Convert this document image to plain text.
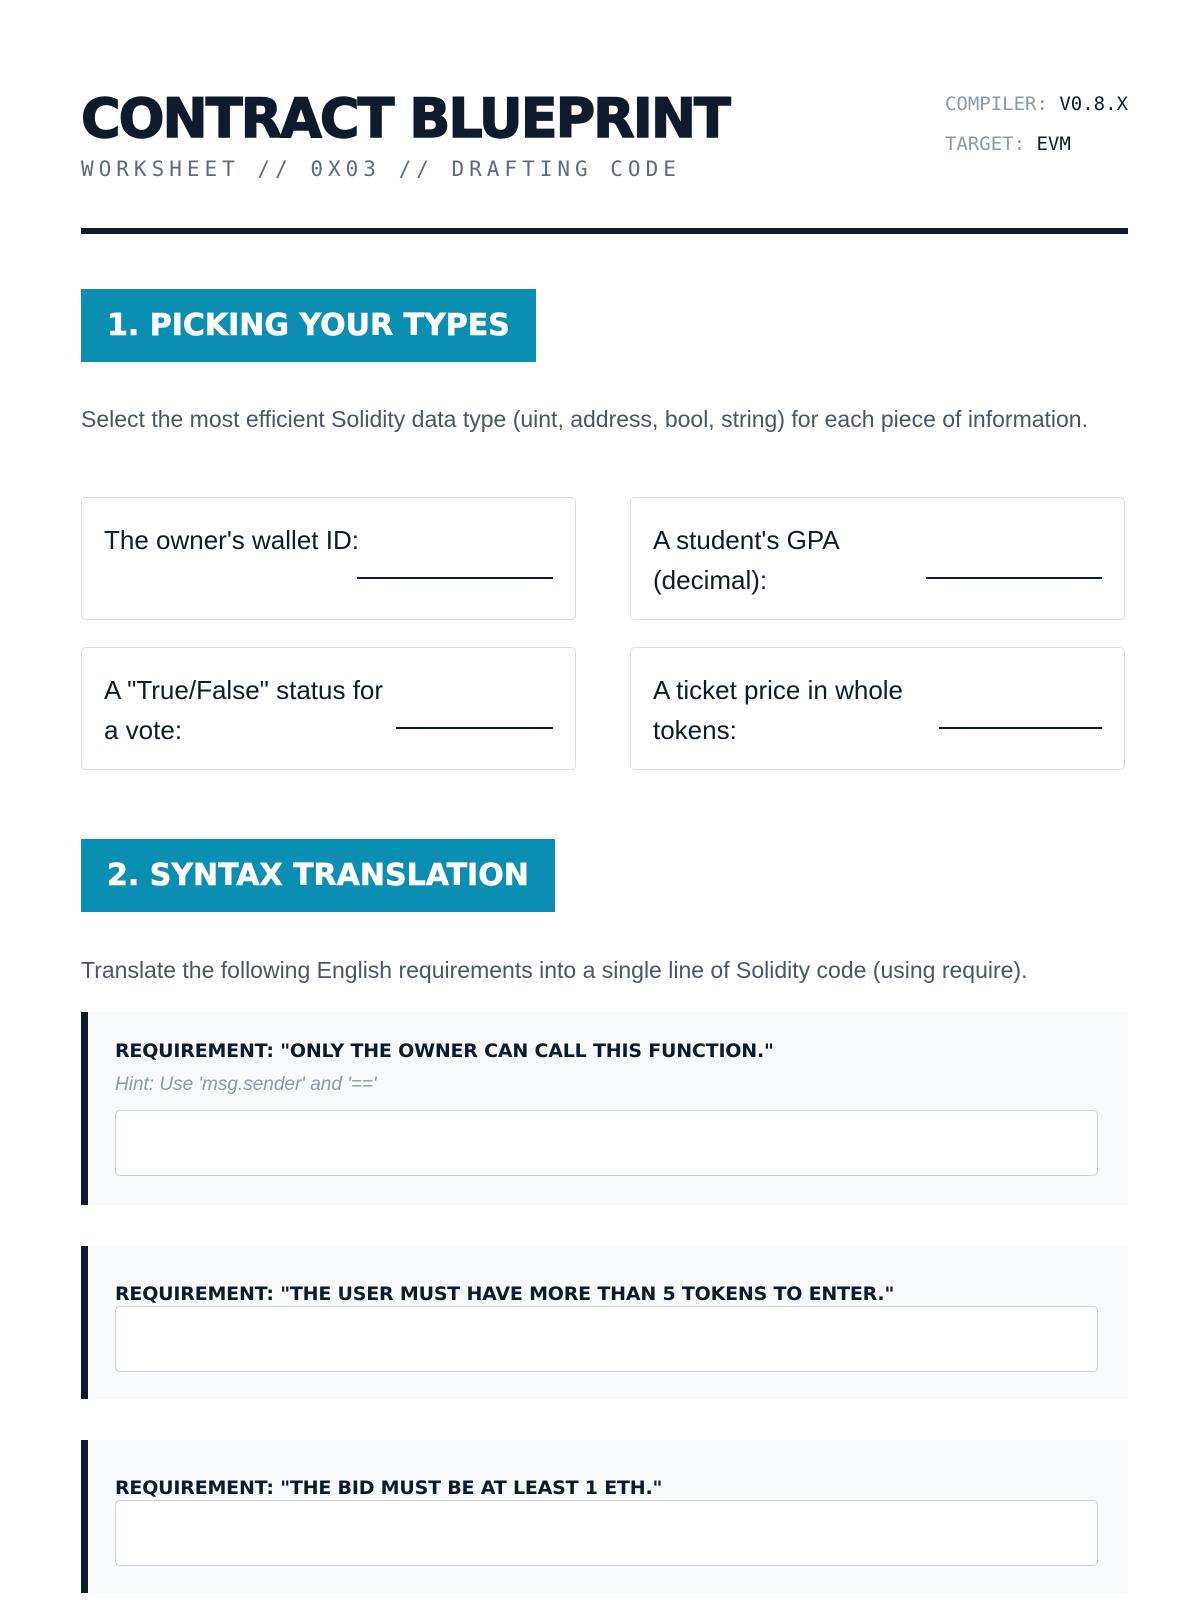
CONTRACT BLUEPRINT
WORKSHEET // 0X03 // DRAFTING CODE
COMPILER: V0.8.X
TARGET: EVM
1. PICKING YOUR TYPES
Select the most efficient Solidity data type (uint, address, bool, string) for each piece of information.
The owner's wallet ID:	A student's GPA (decimal):
A "True/False" status for a vote:
A ticket price in whole tokens:
2. SYNTAX TRANSLATION
Translate the following English requirements into a single line of Solidity code (using require).
REQUIREMENT: "ONLY THE OWNER CAN CALL THIS FUNCTION."
Hint: Use 'msg.sender' and '=='
REQUIREMENT: "THE USER MUST HAVE MORE THAN 5 TOKENS TO ENTER."
REQUIREMENT: "THE BID MUST BE AT LEAST 1 ETH."
